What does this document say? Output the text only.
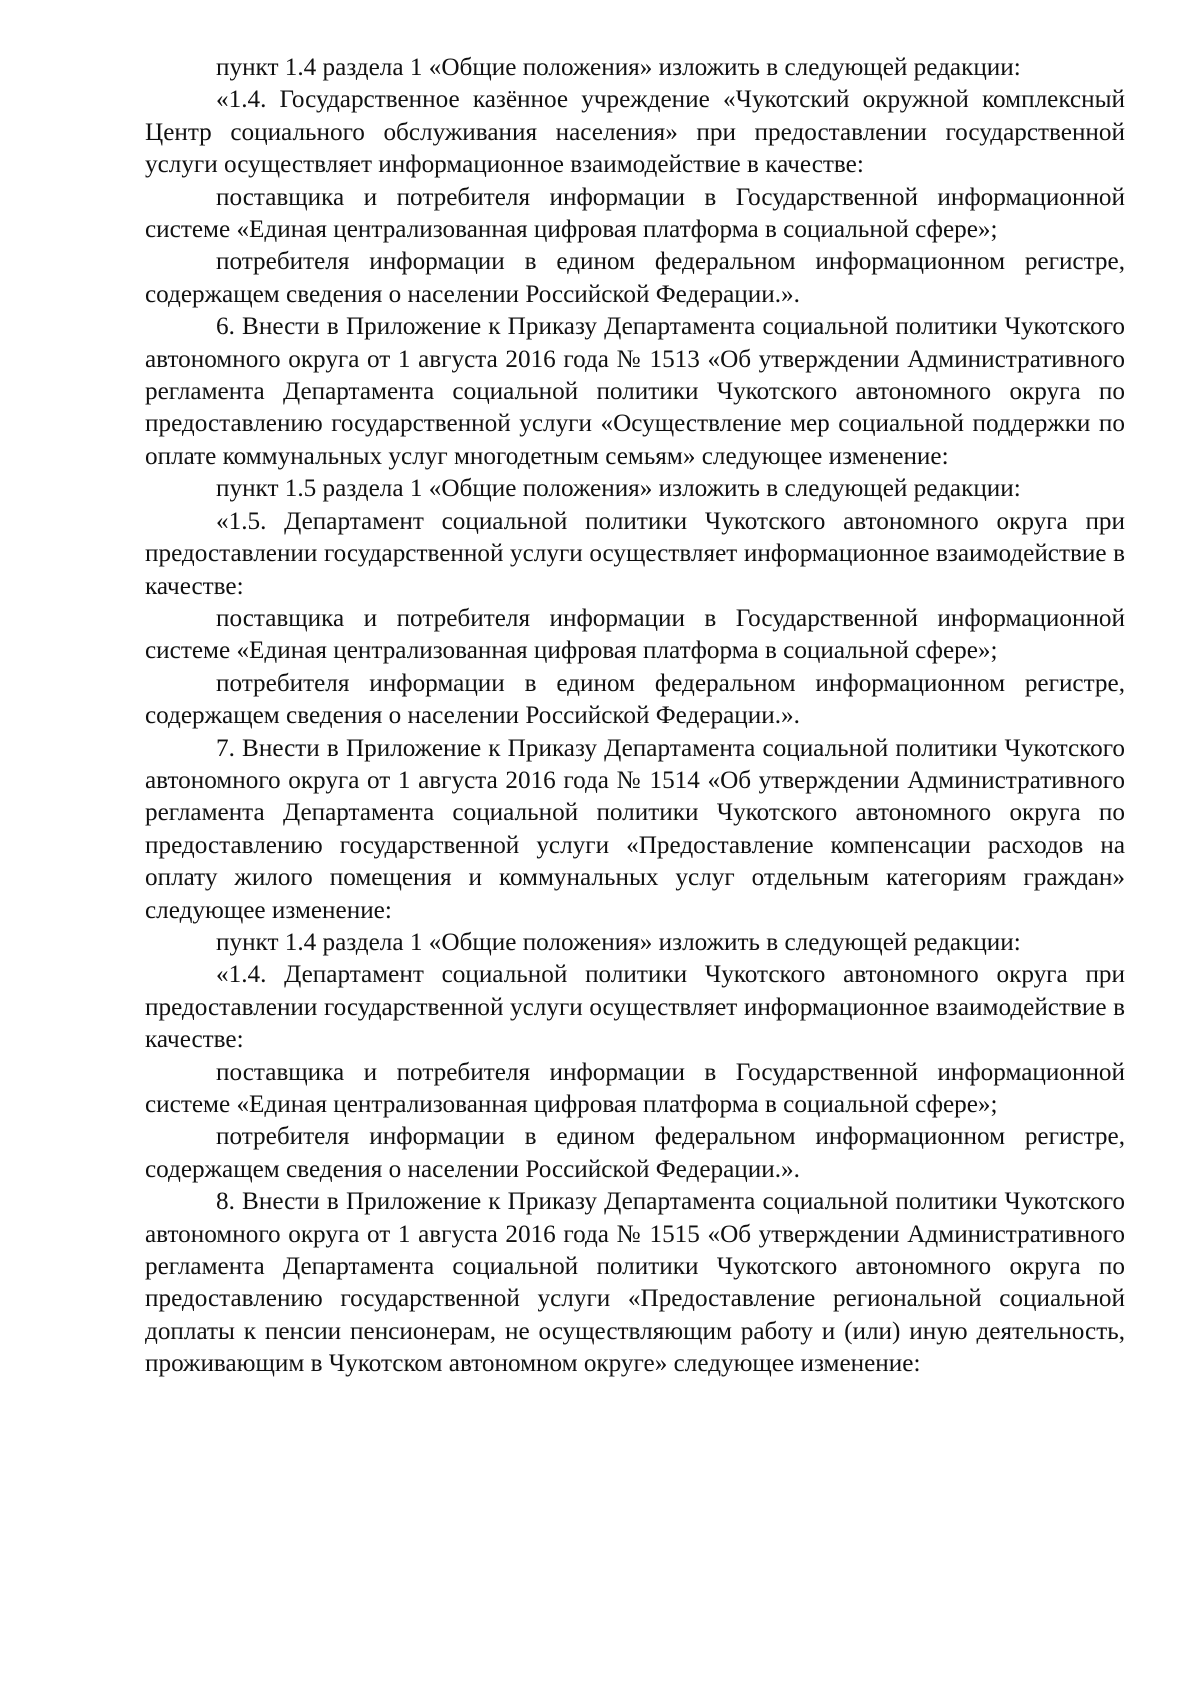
пункт 1.4 раздела 1 «Общие положения» изложить в следующей редакции:

«1.4. Государственное казённое учреждение «Чукотский окружной комплексный Центр социального обслуживания населения» при предоставлении государственной услуги осуществляет информационное взаимодействие в качестве:

поставщика и потребителя информации в Государственной информационной системе «Единая централизованная цифровая платформа в социальной сфере»;

потребителя информации в едином федеральном информационном регистре, содержащем сведения о населении Российской Федерации.».

6. Внести в Приложение к Приказу Департамента социальной политики Чукотского автономного округа от 1 августа 2016 года № 1513 «Об утверждении Административного регламента Департамента социальной политики Чукотского автономного округа по предоставлению государственной услуги «Осуществление мер социальной поддержки по оплате коммунальных услуг многодетным семьям» следующее изменение:

пункт 1.5 раздела 1 «Общие положения» изложить в следующей редакции:

«1.5. Департамент социальной политики Чукотского автономного округа при предоставлении государственной услуги осуществляет информационное взаимодействие в качестве:

поставщика и потребителя информации в Государственной информационной системе «Единая централизованная цифровая платформа в социальной сфере»;

потребителя информации в едином федеральном информационном регистре, содержащем сведения о населении Российской Федерации.».

7. Внести в Приложение к Приказу Департамента социальной политики Чукотского автономного округа от 1 августа 2016 года № 1514 «Об утверждении Административного регламента Департамента социальной политики Чукотского автономного округа по предоставлению государственной услуги «Предоставление компенсации расходов на оплату жилого помещения и коммунальных услуг отдельным категориям граждан» следующее изменение:

пункт 1.4 раздела 1 «Общие положения» изложить в следующей редакции:

«1.4. Департамент социальной политики Чукотского автономного округа при предоставлении государственной услуги осуществляет информационное взаимодействие в качестве:

поставщика и потребителя информации в Государственной информационной системе «Единая централизованная цифровая платформа в социальной сфере»;

потребителя информации в едином федеральном информационном регистре, содержащем сведения о населении Российской Федерации.».

8. Внести в Приложение к Приказу Департамента социальной политики Чукотского автономного округа от 1 августа 2016 года № 1515 «Об утверждении Административного регламента Департамента социальной политики Чукотского автономного округа по предоставлению государственной услуги «Предоставление региональной социальной доплаты к пенсии пенсионерам, не осуществляющим работу и (или) иную деятельность, проживающим в Чукотском автономном округе» следующее изменение:
